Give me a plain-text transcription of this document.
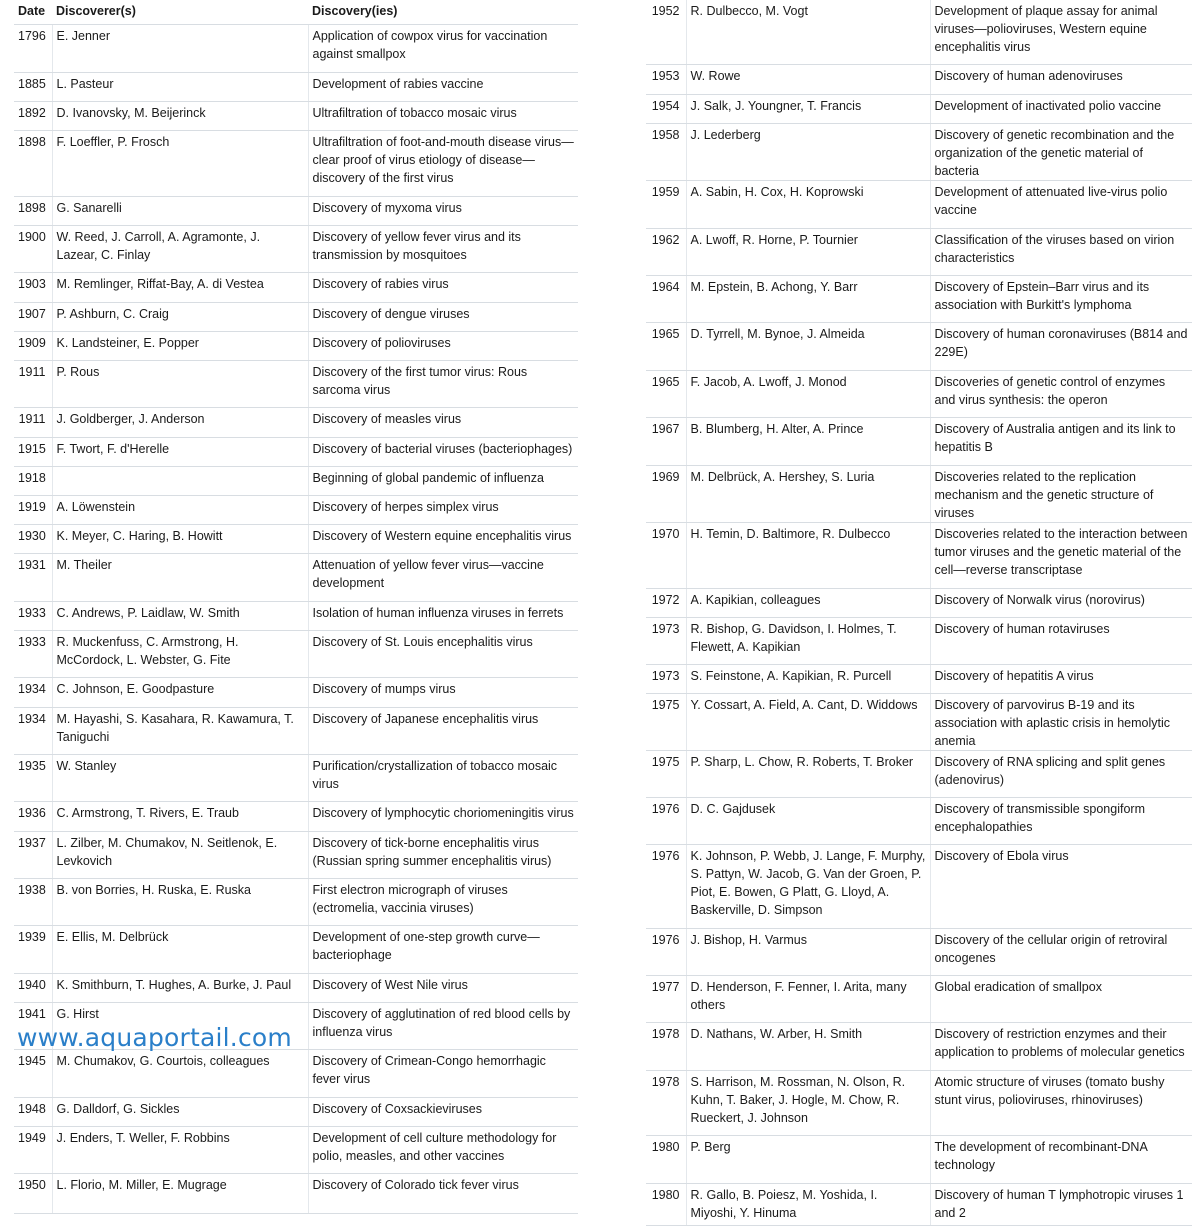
Date	Discoverer(s)	Discovery(ies)
1796	E. Jenner	Application of cowpox virus for vaccination against smallpox
1885	L. Pasteur	Development of rabies vaccine
1892	D. Ivanovsky, M. Beijerinck	Ultrafiltration of tobacco mosaic virus
1898	F. Loeffler, P. Frosch	Ultrafiltration of foot-and-mouth disease virus—clear proof of virus etiology of disease—discovery of the first virus
1898	G. Sanarelli	Discovery of myxoma virus
1900	W. Reed, J. Carroll, A. Agramonte, J. Lazear, C. Finlay	Discovery of yellow fever virus and its transmission by mosquitoes
1903	M. Remlinger, Riffat-Bay, A. di Vestea	Discovery of rabies virus
1907	P. Ashburn, C. Craig	Discovery of dengue viruses
1909	K. Landsteiner, E. Popper	Discovery of polioviruses
1911	P. Rous	Discovery of the first tumor virus: Rous sarcoma virus
1911	J. Goldberger, J. Anderson	Discovery of measles virus
1915	F. Twort, F. d'Herelle	Discovery of bacterial viruses (bacteriophages)
1918		Beginning of global pandemic of influenza
1919	A. Löwenstein	Discovery of herpes simplex virus
1930	K. Meyer, C. Haring, B. Howitt	Discovery of Western equine encephalitis virus
1931	M. Theiler	Attenuation of yellow fever virus—vaccine development
1933	C. Andrews, P. Laidlaw, W. Smith	Isolation of human influenza viruses in ferrets
1933	R. Muckenfuss, C. Armstrong, H. McCordock, L. Webster, G. Fite	Discovery of St. Louis encephalitis virus
1934	C. Johnson, E. Goodpasture	Discovery of mumps virus
1934	M. Hayashi, S. Kasahara, R. Kawamura, T. Taniguchi	Discovery of Japanese encephalitis virus
1935	W. Stanley	Purification/crystallization of tobacco mosaic virus
1936	C. Armstrong, T. Rivers, E. Traub	Discovery of lymphocytic choriomeningitis virus
1937	L. Zilber, M. Chumakov, N. Seitlenok, E. Levkovich	Discovery of tick-borne encephalitis virus (Russian spring summer encephalitis virus)
1938	B. von Borries, H. Ruska, E. Ruska	First electron micrograph of viruses (ectromelia, vaccinia viruses)
1939	E. Ellis, M. Delbrück	Development of one-step growth curve—bacteriophage
1940	K. Smithburn, T. Hughes, A. Burke, J. Paul	Discovery of West Nile virus
1941	G. Hirst	Discovery of agglutination of red blood cells by influenza virus
1945	M. Chumakov, G. Courtois, colleagues	Discovery of Crimean-Congo hemorrhagic fever virus
1948	G. Dalldorf, G. Sickles	Discovery of Coxsackieviruses
1949	J. Enders, T. Weller, F. Robbins	Development of cell culture methodology for polio, measles, and other vaccines
1950	L. Florio, M. Miller, E. Mugrage	Discovery of Colorado tick fever virus
1952	R. Dulbecco, M. Vogt	Development of plaque assay for animal viruses—polioviruses, Western equine encephalitis virus
1953	W. Rowe	Discovery of human adenoviruses
1954	J. Salk, J. Youngner, T. Francis	Development of inactivated polio vaccine
1958	J. Lederberg	Discovery of genetic recombination and the organization of the genetic material of bacteria
1959	A. Sabin, H. Cox, H. Koprowski	Development of attenuated live-virus polio vaccine
1962	A. Lwoff, R. Horne, P. Tournier	Classification of the viruses based on virion characteristics
1964	M. Epstein, B. Achong, Y. Barr	Discovery of Epstein–Barr virus and its association with Burkitt's lymphoma
1965	D. Tyrrell, M. Bynoe, J. Almeida	Discovery of human coronaviruses (B814 and 229E)
1965	F. Jacob, A. Lwoff, J. Monod	Discoveries of genetic control of enzymes and virus synthesis: the operon
1967	B. Blumberg, H. Alter, A. Prince	Discovery of Australia antigen and its link to hepatitis B
1969	M. Delbrück, A. Hershey, S. Luria	Discoveries related to the replication mechanism and the genetic structure of viruses
1970	H. Temin, D. Baltimore, R. Dulbecco	Discoveries related to the interaction between tumor viruses and the genetic material of the cell—reverse transcriptase
1972	A. Kapikian, colleagues	Discovery of Norwalk virus (norovirus)
1973	R. Bishop, G. Davidson, I. Holmes, T. Flewett, A. Kapikian	Discovery of human rotaviruses
1973	S. Feinstone, A. Kapikian, R. Purcell	Discovery of hepatitis A virus
1975	Y. Cossart, A. Field, A. Cant, D. Widdows	Discovery of parvovirus B-19 and its association with aplastic crisis in hemolytic anemia
1975	P. Sharp, L. Chow, R. Roberts, T. Broker	Discovery of RNA splicing and split genes (adenovirus)
1976	D. C. Gajdusek	Discovery of transmissible spongiform encephalopathies
1976	K. Johnson, P. Webb, J. Lange, F. Murphy, S. Pattyn, W. Jacob, G. Van der Groen, P. Piot, E. Bowen, G Platt, G. Lloyd, A. Baskerville, D. Simpson	Discovery of Ebola virus
1976	J. Bishop, H. Varmus	Discovery of the cellular origin of retroviral oncogenes
1977	D. Henderson, F. Fenner, I. Arita, many others	Global eradication of smallpox
1978	D. Nathans, W. Arber, H. Smith	Discovery of restriction enzymes and their application to problems of molecular genetics
1978	S. Harrison, M. Rossman, N. Olson, R. Kuhn, T. Baker, J. Hogle, M. Chow, R. Rueckert, J. Johnson	Atomic structure of viruses (tomato bushy stunt virus, polioviruses, rhinoviruses)
1980	P. Berg	The development of recombinant-DNA technology
1980	R. Gallo, B. Poiesz, M. Yoshida, I. Miyoshi, Y. Hinuma	Discovery of human T lymphotropic viruses 1 and 2
www.aquaportail.com
